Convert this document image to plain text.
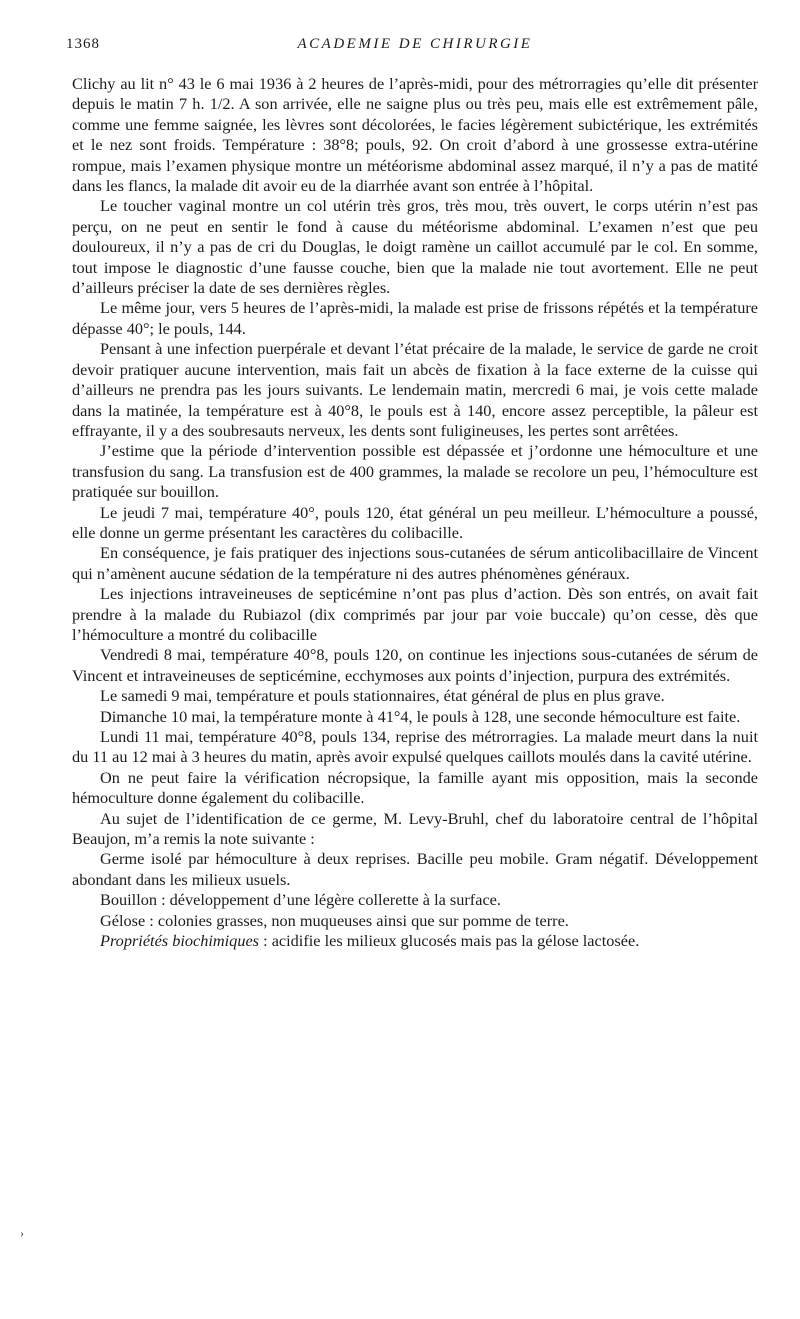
1368	ACADEMIE DE CHIRURGIE

Clichy au lit n° 43 le 6 mai 1936 à 2 heures de l’après-midi, pour des métrorragies qu’elle dit présenter depuis le matin 7 h. 1/2. A son arrivée, elle ne saigne plus ou très peu, mais elle est extrêmement pâle, comme une femme saignée, les lèvres sont décolorées, le facies légèrement subictérique, les extrémités et le nez sont froids. Température : 38°8; pouls, 92. On croit d’abord à une grossesse extra-utérine rompue, mais l’examen physique montre un météorisme abdominal assez marqué, il n’y a pas de matité dans les flancs, la malade dit avoir eu de la diarrhée avant son entrée à l’hôpital.

Le toucher vaginal montre un col utérin très gros, très mou, très ouvert, le corps utérin n’est pas perçu, on ne peut en sentir le fond à cause du météorisme abdominal. L’examen n’est que peu douloureux, il n’y a pas de cri du Douglas, le doigt ramène un caillot accumulé par le col. En somme, tout impose le diagnostic d’une fausse couche, bien que la malade nie tout avortement. Elle ne peut d’ailleurs préciser la date de ses dernières règles.

Le même jour, vers 5 heures de l’après-midi, la malade est prise de frissons répétés et la température dépasse 40°; le pouls, 144.

Pensant à une infection puerpérale et devant l’état précaire de la malade, le service de garde ne croit devoir pratiquer aucune intervention, mais fait un abcès de fixation à la face externe de la cuisse qui d’ailleurs ne prendra pas les jours suivants. Le lendemain matin, mercredi 6 mai, je vois cette malade dans la matinée, la température est à 40°8, le pouls est à 140, encore assez perceptible, la pâleur est effrayante, il y a des soubresauts nerveux, les dents sont fuligineuses, les pertes sont arrêtées.

J’estime que la période d’intervention possible est dépassée et j’ordonne une hémoculture et une transfusion du sang. La transfusion est de 400 grammes, la malade se recolore un peu, l’hémoculture est pratiquée sur bouillon.

Le jeudi 7 mai, température 40°, pouls 120, état général un peu meilleur. L’hémoculture a poussé, elle donne un germe présentant les caractères du colibacille.

En conséquence, je fais pratiquer des injections sous-cutanées de sérum anticolibacillaire de Vincent qui n’amènent aucune sédation de la température ni des autres phénomènes généraux.

Les injections intraveineuses de septicémine n’ont pas plus d’action. Dès son entrés, on avait fait prendre à la malade du Rubiazol (dix comprimés par jour par voie buccale) qu’on cesse, dès que l’hémoculture a montré du colibacille

Vendredi 8 mai, température 40°8, pouls 120, on continue les injections sous-cutanées de sérum de Vincent et intraveineuses de septicémine, ecchymoses aux points d’injection, purpura des extrémités.

Le samedi 9 mai, température et pouls stationnaires, état général de plus en plus grave.

Dimanche 10 mai, la température monte à 41°4, le pouls à 128, une seconde hémoculture est faite.

Lundi 11 mai, température 40°8, pouls 134, reprise des métrorragies. La malade meurt dans la nuit du 11 au 12 mai à 3 heures du matin, après avoir expulsé quelques caillots moulés dans la cavité utérine.

On ne peut faire la vérification nécropsique, la famille ayant mis opposition, mais la seconde hémoculture donne également du colibacille.

Au sujet de l’identification de ce germe, M. Levy-Bruhl, chef du laboratoire central de l’hôpital Beaujon, m’a remis la note suivante :

Germe isolé par hémoculture à deux reprises. Bacille peu mobile. Gram négatif. Développement abondant dans les milieux usuels.

Bouillon : développement d’une légère collerette à la surface.

Gélose : colonies grasses, non muqueuses ainsi que sur pomme de terre.

Propriétés biochimiques : acidifie les milieux glucosés mais pas la gélose lactosée.

›
